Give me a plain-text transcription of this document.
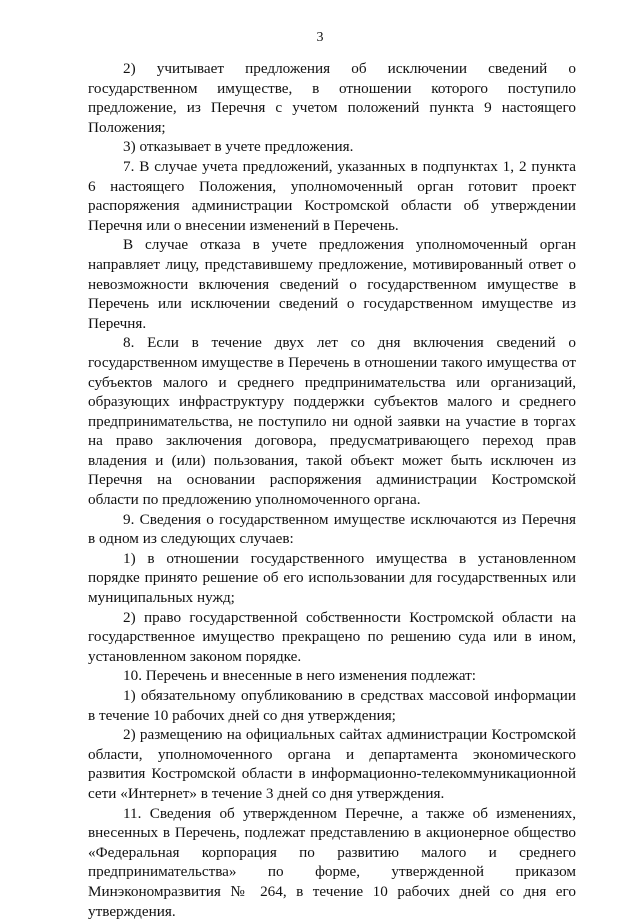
3

2) учитывает предложения об исключении сведений о государственном имуществе, в отношении которого поступило предложение, из Перечня с учетом положений пункта 9 настоящего Положения;

3) отказывает в учете предложения.

7. В случае учета предложений, указанных в подпунктах 1, 2 пункта 6 настоящего Положения, уполномоченный орган готовит проект распоряжения администрации Костромской области об утверждении Перечня или о внесении изменений в Перечень.

В случае отказа в учете предложения уполномоченный орган направляет лицу, представившему предложение, мотивированный ответ о невозможности включения сведений о государственном имуществе в Перечень или исключении сведений о государственном имуществе из Перечня.

8. Если в течение двух лет со дня включения сведений о государственном имуществе в Перечень в отношении такого имущества от субъектов малого и среднего предпринимательства или организаций, образующих инфраструктуру поддержки субъектов малого и среднего предпринимательства, не поступило ни одной заявки на участие в торгах на право заключения договора, предусматривающего переход прав владения и (или) пользования, такой объект может быть исключен из Перечня на основании распоряжения администрации Костромской области по предложению уполномоченного органа.

9. Сведения о государственном имуществе исключаются из Перечня в одном из следующих случаев:

1) в отношении государственного имущества в установленном порядке принято решение об его использовании для государственных или муниципальных нужд;

2) право государственной собственности Костромской области на государственное имущество прекращено по решению суда или в ином, установленном законом порядке.

10. Перечень и внесенные в него изменения подлежат:

1) обязательному опубликованию в средствах массовой информации в течение 10 рабочих дней со дня утверждения;

2) размещению на официальных сайтах администрации Костромской области, уполномоченного органа и департамента экономического развития Костромской области в информационно-телекоммуникационной сети «Интернет» в течение 3 дней со дня утверждения.

11. Сведения об утвержденном Перечне, а также об изменениях, внесенных в Перечень, подлежат представлению в акционерное общество «Федеральная корпорация по развитию малого и среднего предпринимательства» по форме, утвержденной приказом Минэкономразвития № 264, в течение 10 рабочих дней со дня его утверждения.
